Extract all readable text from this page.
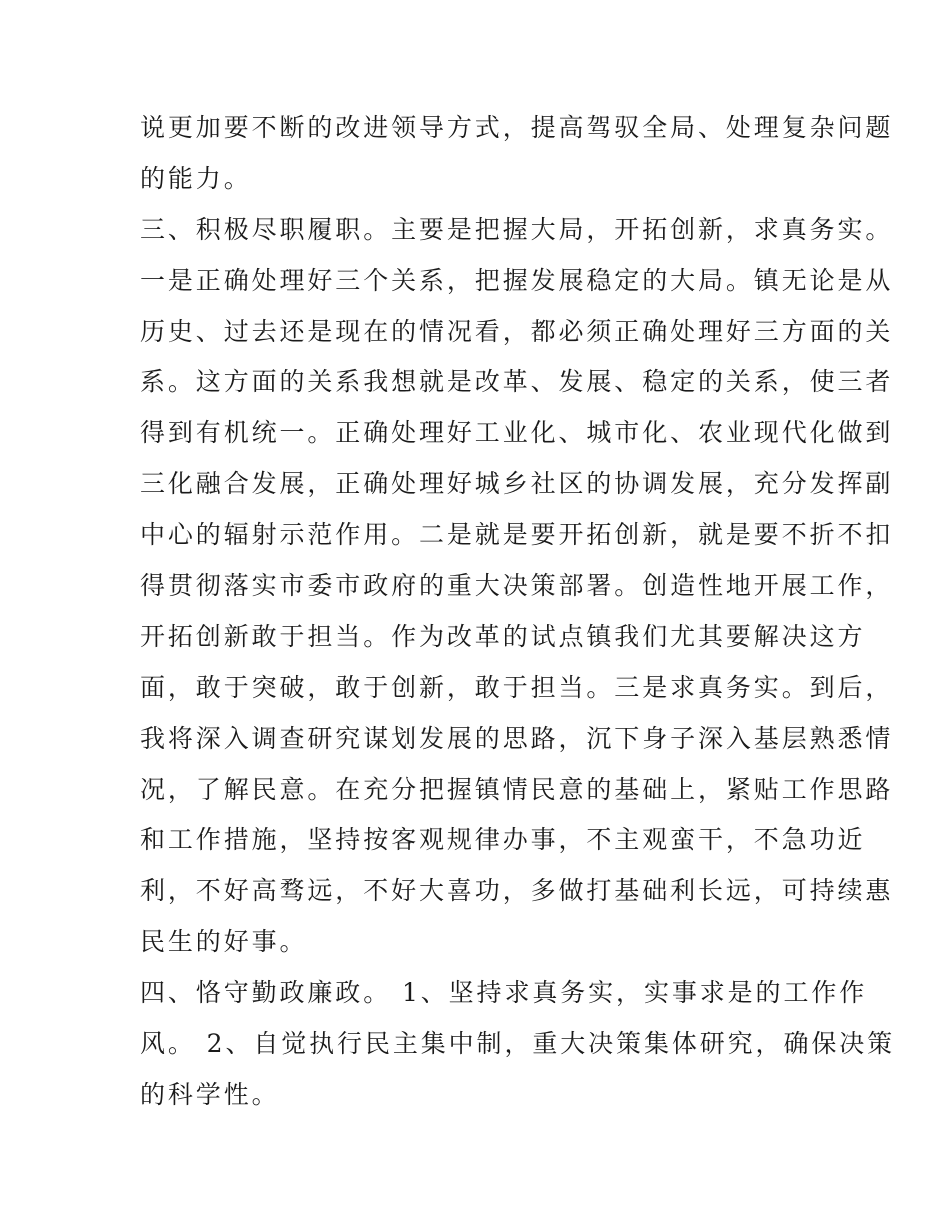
说更加要不断的改进领导方式，提高驾驭全局、处理复杂问题
的能力。
三、积极尽职履职。主要是把握大局，开拓创新，求真务实。
一是正确处理好三个关系，把握发展稳定的大局。镇无论是从
历史、过去还是现在的情况看，都必须正确处理好三方面的关
系。这方面的关系我想就是改革、发展、稳定的关系，使三者
得到有机统一。正确处理好工业化、城市化、农业现代化做到
三化融合发展，正确处理好城乡社区的协调发展，充分发挥副
中心的辐射示范作用。二是就是要开拓创新，就是要不折不扣
得贯彻落实市委市政府的重大决策部署。创造性地开展工作，
开拓创新敢于担当。作为改革的试点镇我们尤其要解决这方
面，敢于突破，敢于创新，敢于担当。三是求真务实。到后，
我将深入调查研究谋划发展的思路，沉下身子深入基层熟悉情
况，了解民意。在充分把握镇情民意的基础上，紧贴工作思路
和工作措施，坚持按客观规律办事，不主观蛮干，不急功近
利，不好高骛远，不好大喜功，多做打基础利长远，可持续惠
民生的好事。
四、恪守勤政廉政。 1、坚持求真务实，实事求是的工作作
风。 2、自觉执行民主集中制，重大决策集体研究，确保决策
的科学性。
